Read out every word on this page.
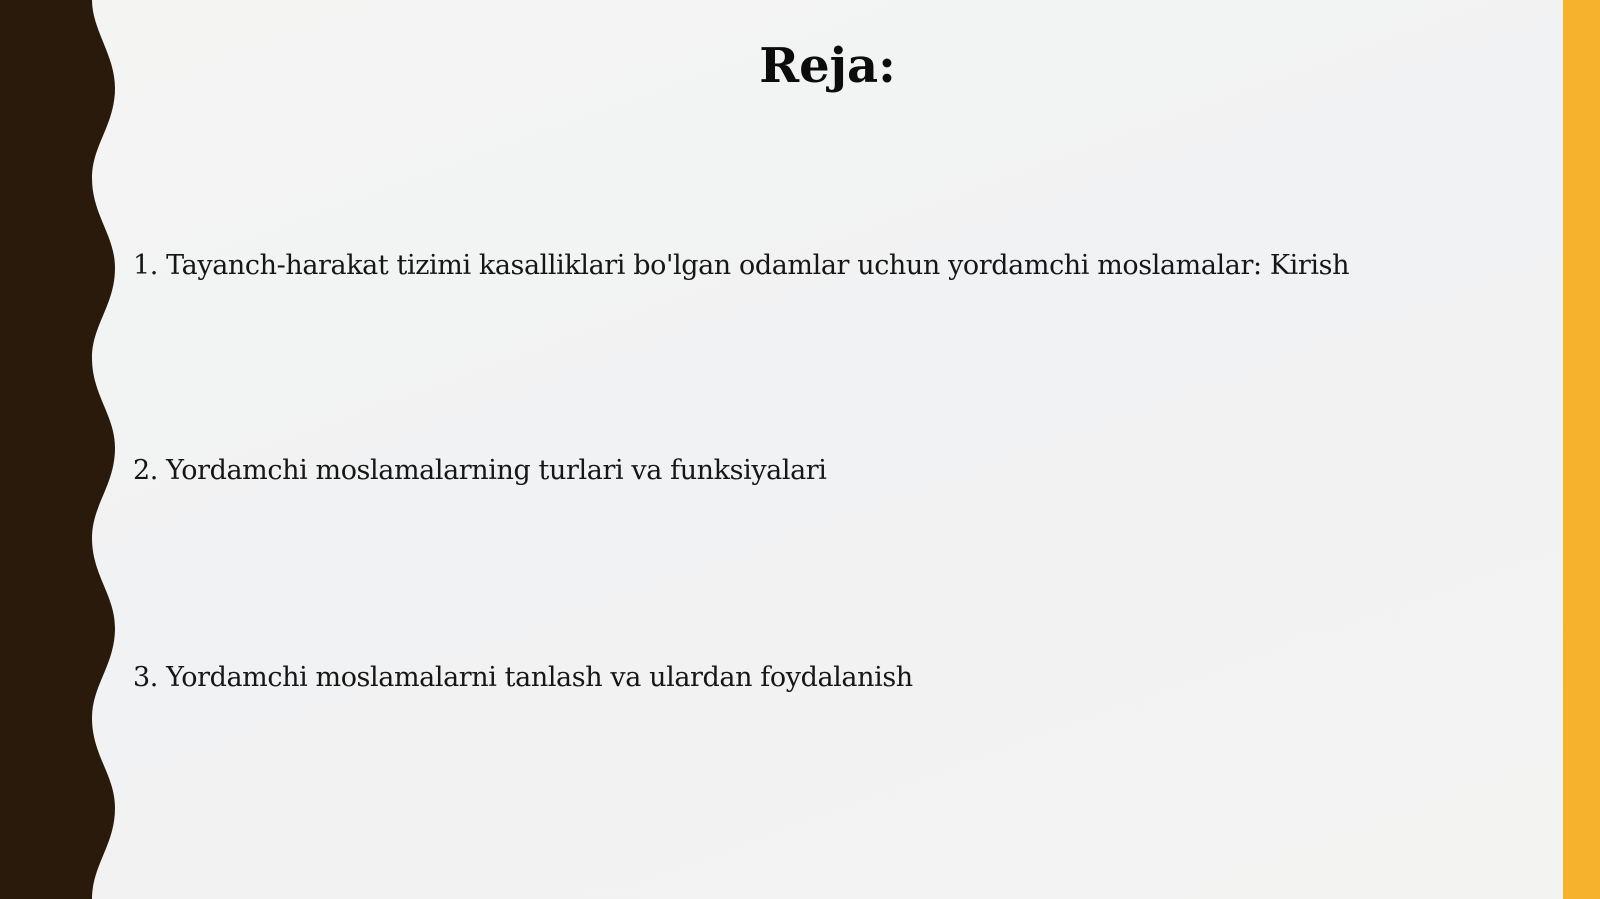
Reja:
1. Tayanch-harakat tizimi kasalliklari bo'lgan odamlar uchun yordamchi moslamalar: Kirish
2. Yordamchi moslamalarning turlari va funksiyalari
3. Yordamchi moslamalarni tanlash va ulardan foydalanish
